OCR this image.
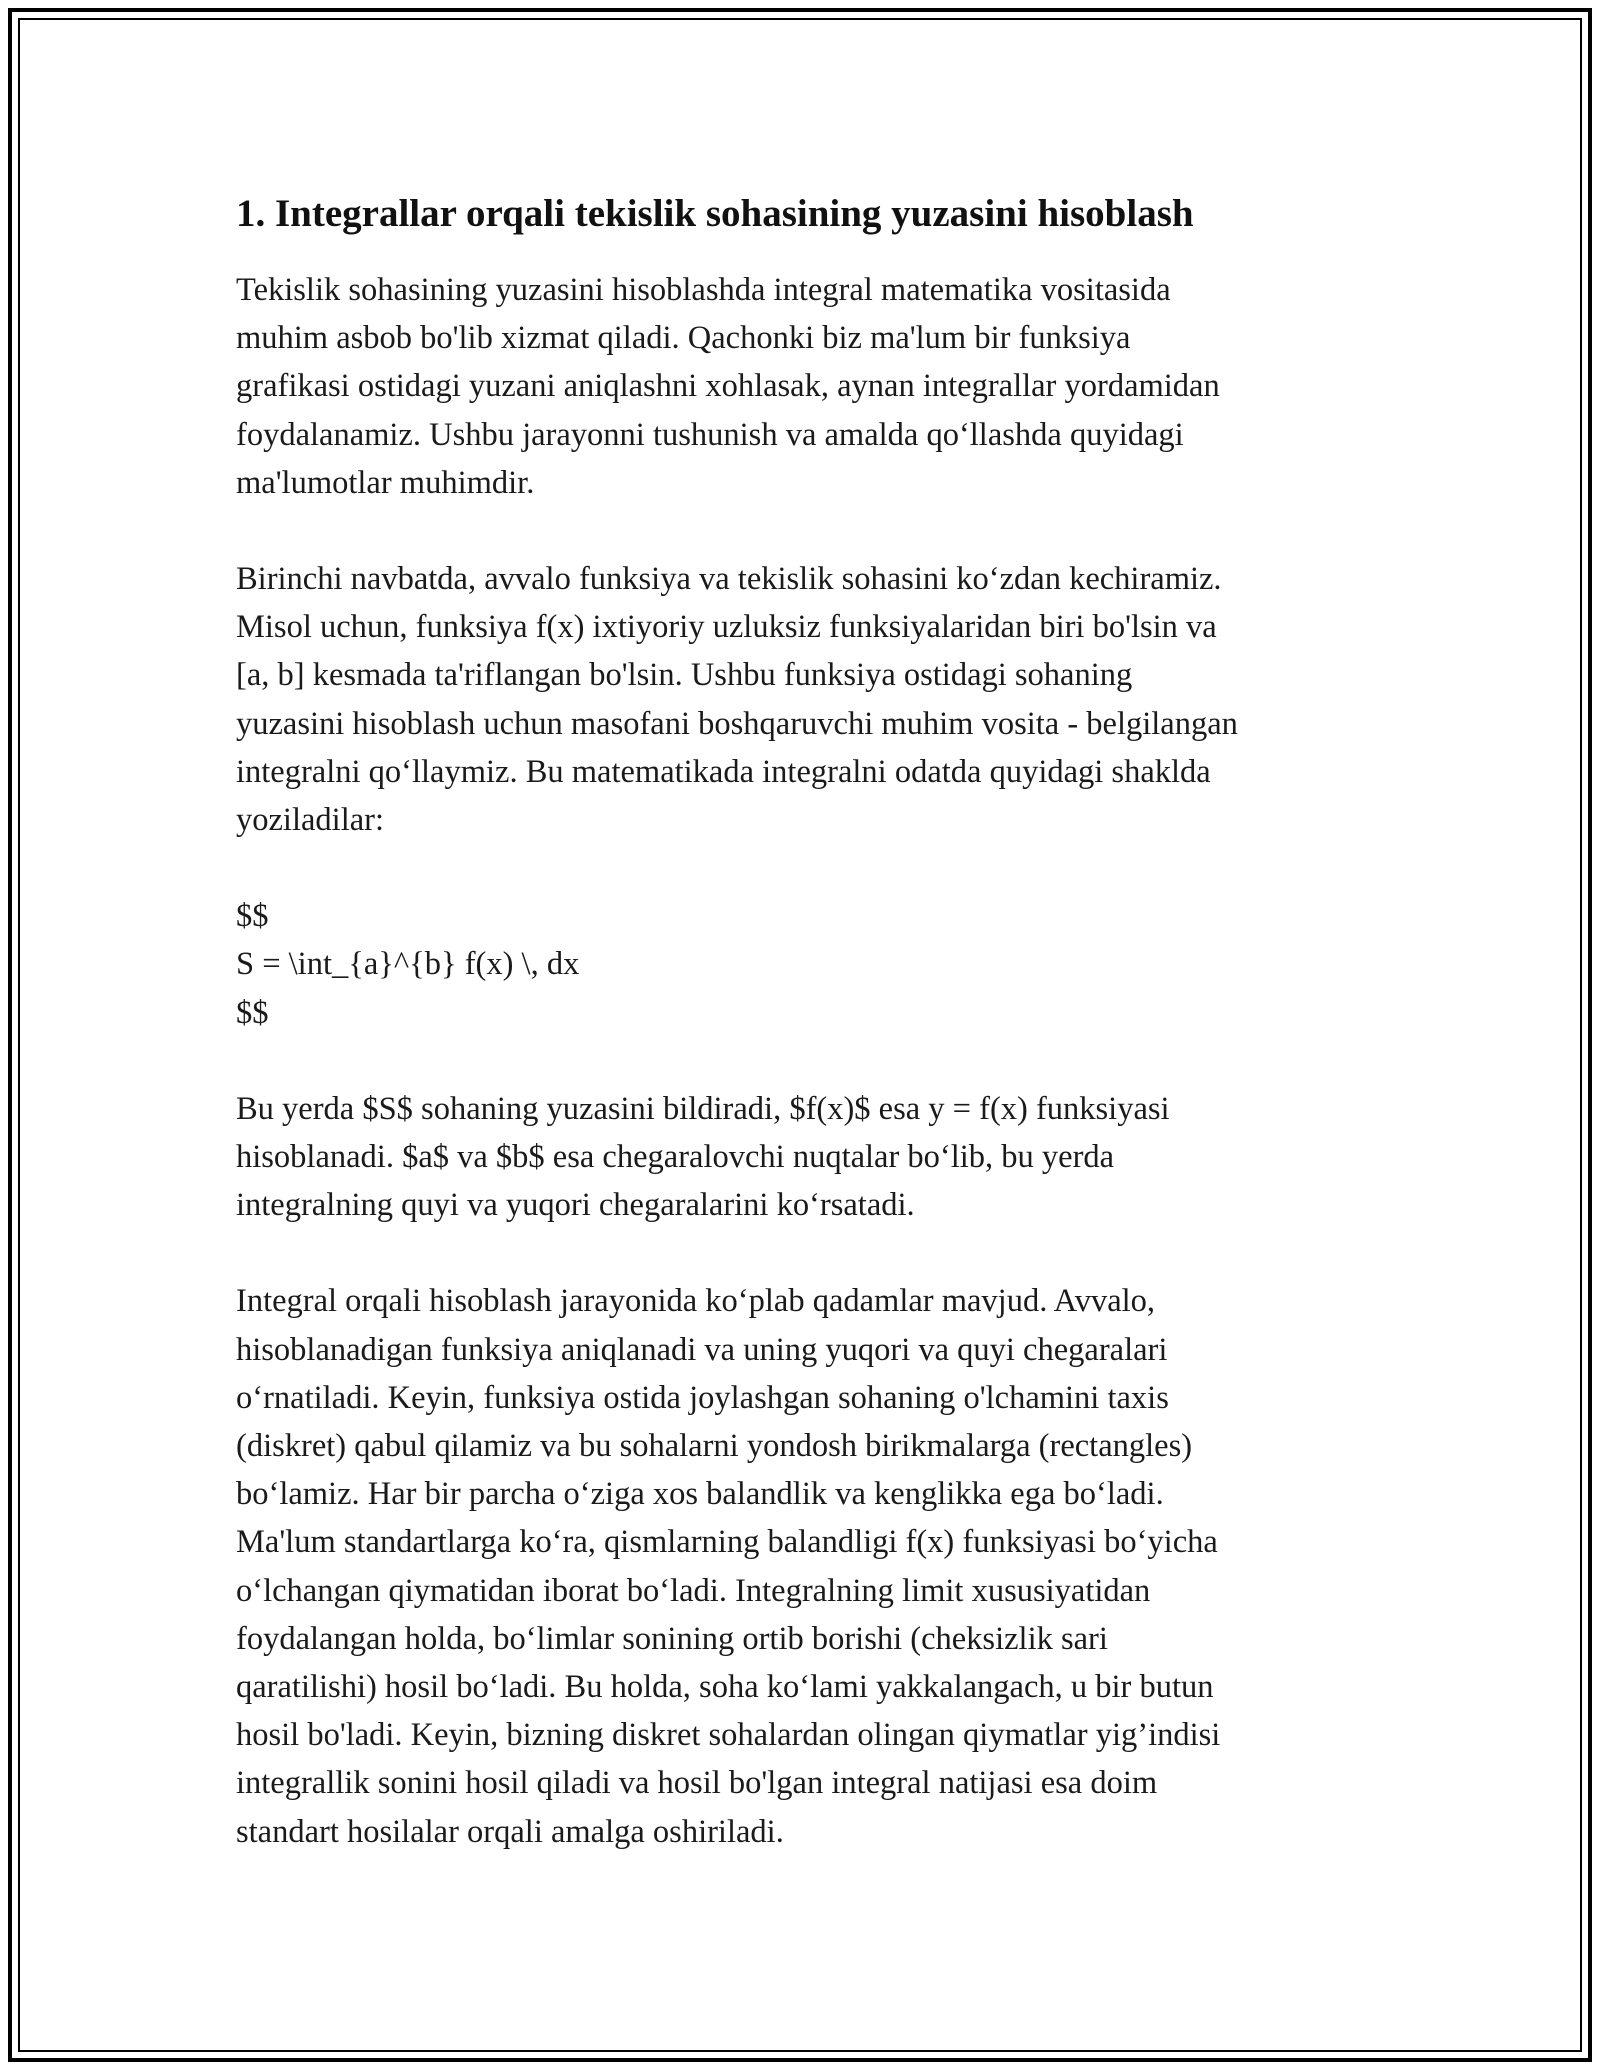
1. Integrallar orqali tekislik sohasining yuzasini hisoblash

Tekislik sohasining yuzasini hisoblashda integral matematika vositasida
muhim asbob bo'lib xizmat qiladi. Qachonki biz ma'lum bir funksiya
grafikasi ostidagi yuzani aniqlashni xohlasak, aynan integrallar yordamidan
foydalanamiz. Ushbu jarayonni tushunish va amalda qo‘llashda quyidagi
ma'lumotlar muhimdir.

Birinchi navbatda, avvalo funksiya va tekislik sohasini ko‘zdan kechiramiz.
Misol uchun, funksiya f(x) ixtiyoriy uzluksiz funksiyalaridan biri bo'lsin va
[a, b] kesmada ta'riflangan bo'lsin. Ushbu funksiya ostidagi sohaning
yuzasini hisoblash uchun masofani boshqaruvchi muhim vosita - belgilangan
integralni qo‘llaymiz. Bu matematikada integralni odatda quyidagi shaklda
yoziladilar:

$$
S = \int_{a}^{b} f(x) \, dx
$$

Bu yerda $S$ sohaning yuzasini bildiradi, $f(x)$ esa y = f(x) funksiyasi
hisoblanadi. $a$ va $b$ esa chegaralovchi nuqtalar bo‘lib, bu yerda
integralning quyi va yuqori chegaralarini ko‘rsatadi.

Integral orqali hisoblash jarayonida ko‘plab qadamlar mavjud. Avvalo,
hisoblanadigan funksiya aniqlanadi va uning yuqori va quyi chegaralari
o‘rnatiladi. Keyin, funksiya ostida joylashgan sohaning o'lchamini taxis
(diskret) qabul qilamiz va bu sohalarni yondosh birikmalarga (rectangles)
bo‘lamiz. Har bir parcha o‘ziga xos balandlik va kenglikka ega bo‘ladi.
Ma'lum standartlarga ko‘ra, qismlarning balandligi f(x) funksiyasi bo‘yicha
o‘lchangan qiymatidan iborat bo‘ladi. Integralning limit xususiyatidan
foydalangan holda, bo‘limlar sonining ortib borishi (cheksizlik sari
qaratilishi) hosil bo‘ladi. Bu holda, soha ko‘lami yakkalangach, u bir butun
hosil bo'ladi. Keyin, bizning diskret sohalardan olingan qiymatlar yig’indisi
integrallik sonini hosil qiladi va hosil bo'lgan integral natijasi esa doim
standart hosilalar orqali amalga oshiriladi.
